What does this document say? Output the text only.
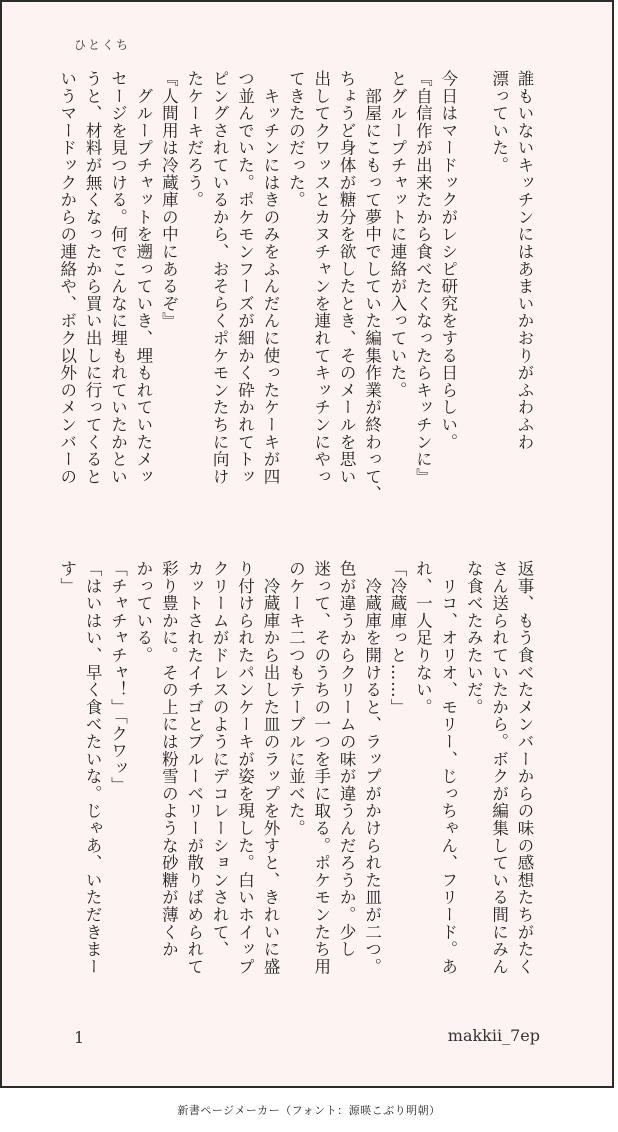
ひとくち
誰もいないキッチンにはあまいかおりがふわふわ
漂っていた。

今日はマードックがレシピ研究をする日らしい。
『自信作が出来たから食べたくなったらキッチンに』
とグループチャットに連絡が入っていた。
　部屋にこもって夢中でしていた編集作業が終わって、
ちょうど身体が糖分を欲したとき、そのメールを思い
出してクワッスとカヌチャンを連れてキッチンにやっ
てきたのだった。
　キッチンにはきのみをふんだんに使ったケーキが四
つ並んでいた。ポケモンフーズが細かく砕かれてトッ
ピングされているから、おそらくポケモンたちに向け
たケーキだろう。
『人間用は冷蔵庫の中にあるぞ』
　グループチャットを遡っていき、埋もれていたメッ
セージを見つける。何でこんなに埋もれていたかとい
うと、材料が無くなったから買い出しに行ってくると
いうマードックからの連絡や、ボク以外のメンバーの
返事、もう食べたメンバーからの味の感想たちがたく
さん送られていたから。ボクが編集している間にみん
な食べたみたいだ。
　リコ、オリオ、モリー、じっちゃん、フリード。あ
れ、一人足りない。
「冷蔵庫っと……」
　冷蔵庫を開けると、ラップがかけられた皿が二つ。
色が違うからクリームの味が違うんだろうか。少し
迷って、そのうちの一つを手に取る。ポケモンたち用
のケーキ二つもテーブルに並べた。
　冷蔵庫から出した皿のラップを外すと、きれいに盛
り付けられたパンケーキが姿を現した。白いホイップ
クリームがドレスのようにデコレーションされて、
カットされたイチゴとブルーベリーが散りばめられて
彩り豊かに。その上には粉雪のような砂糖が薄くか
かっている。
「チャチャチャ！」「クワッ」
「はいはい、早く食べたいな。じゃあ、いただきまー
す」
1	makkii_7ep
新書ページメーカー（フォント：源暎こぶり明朝）
